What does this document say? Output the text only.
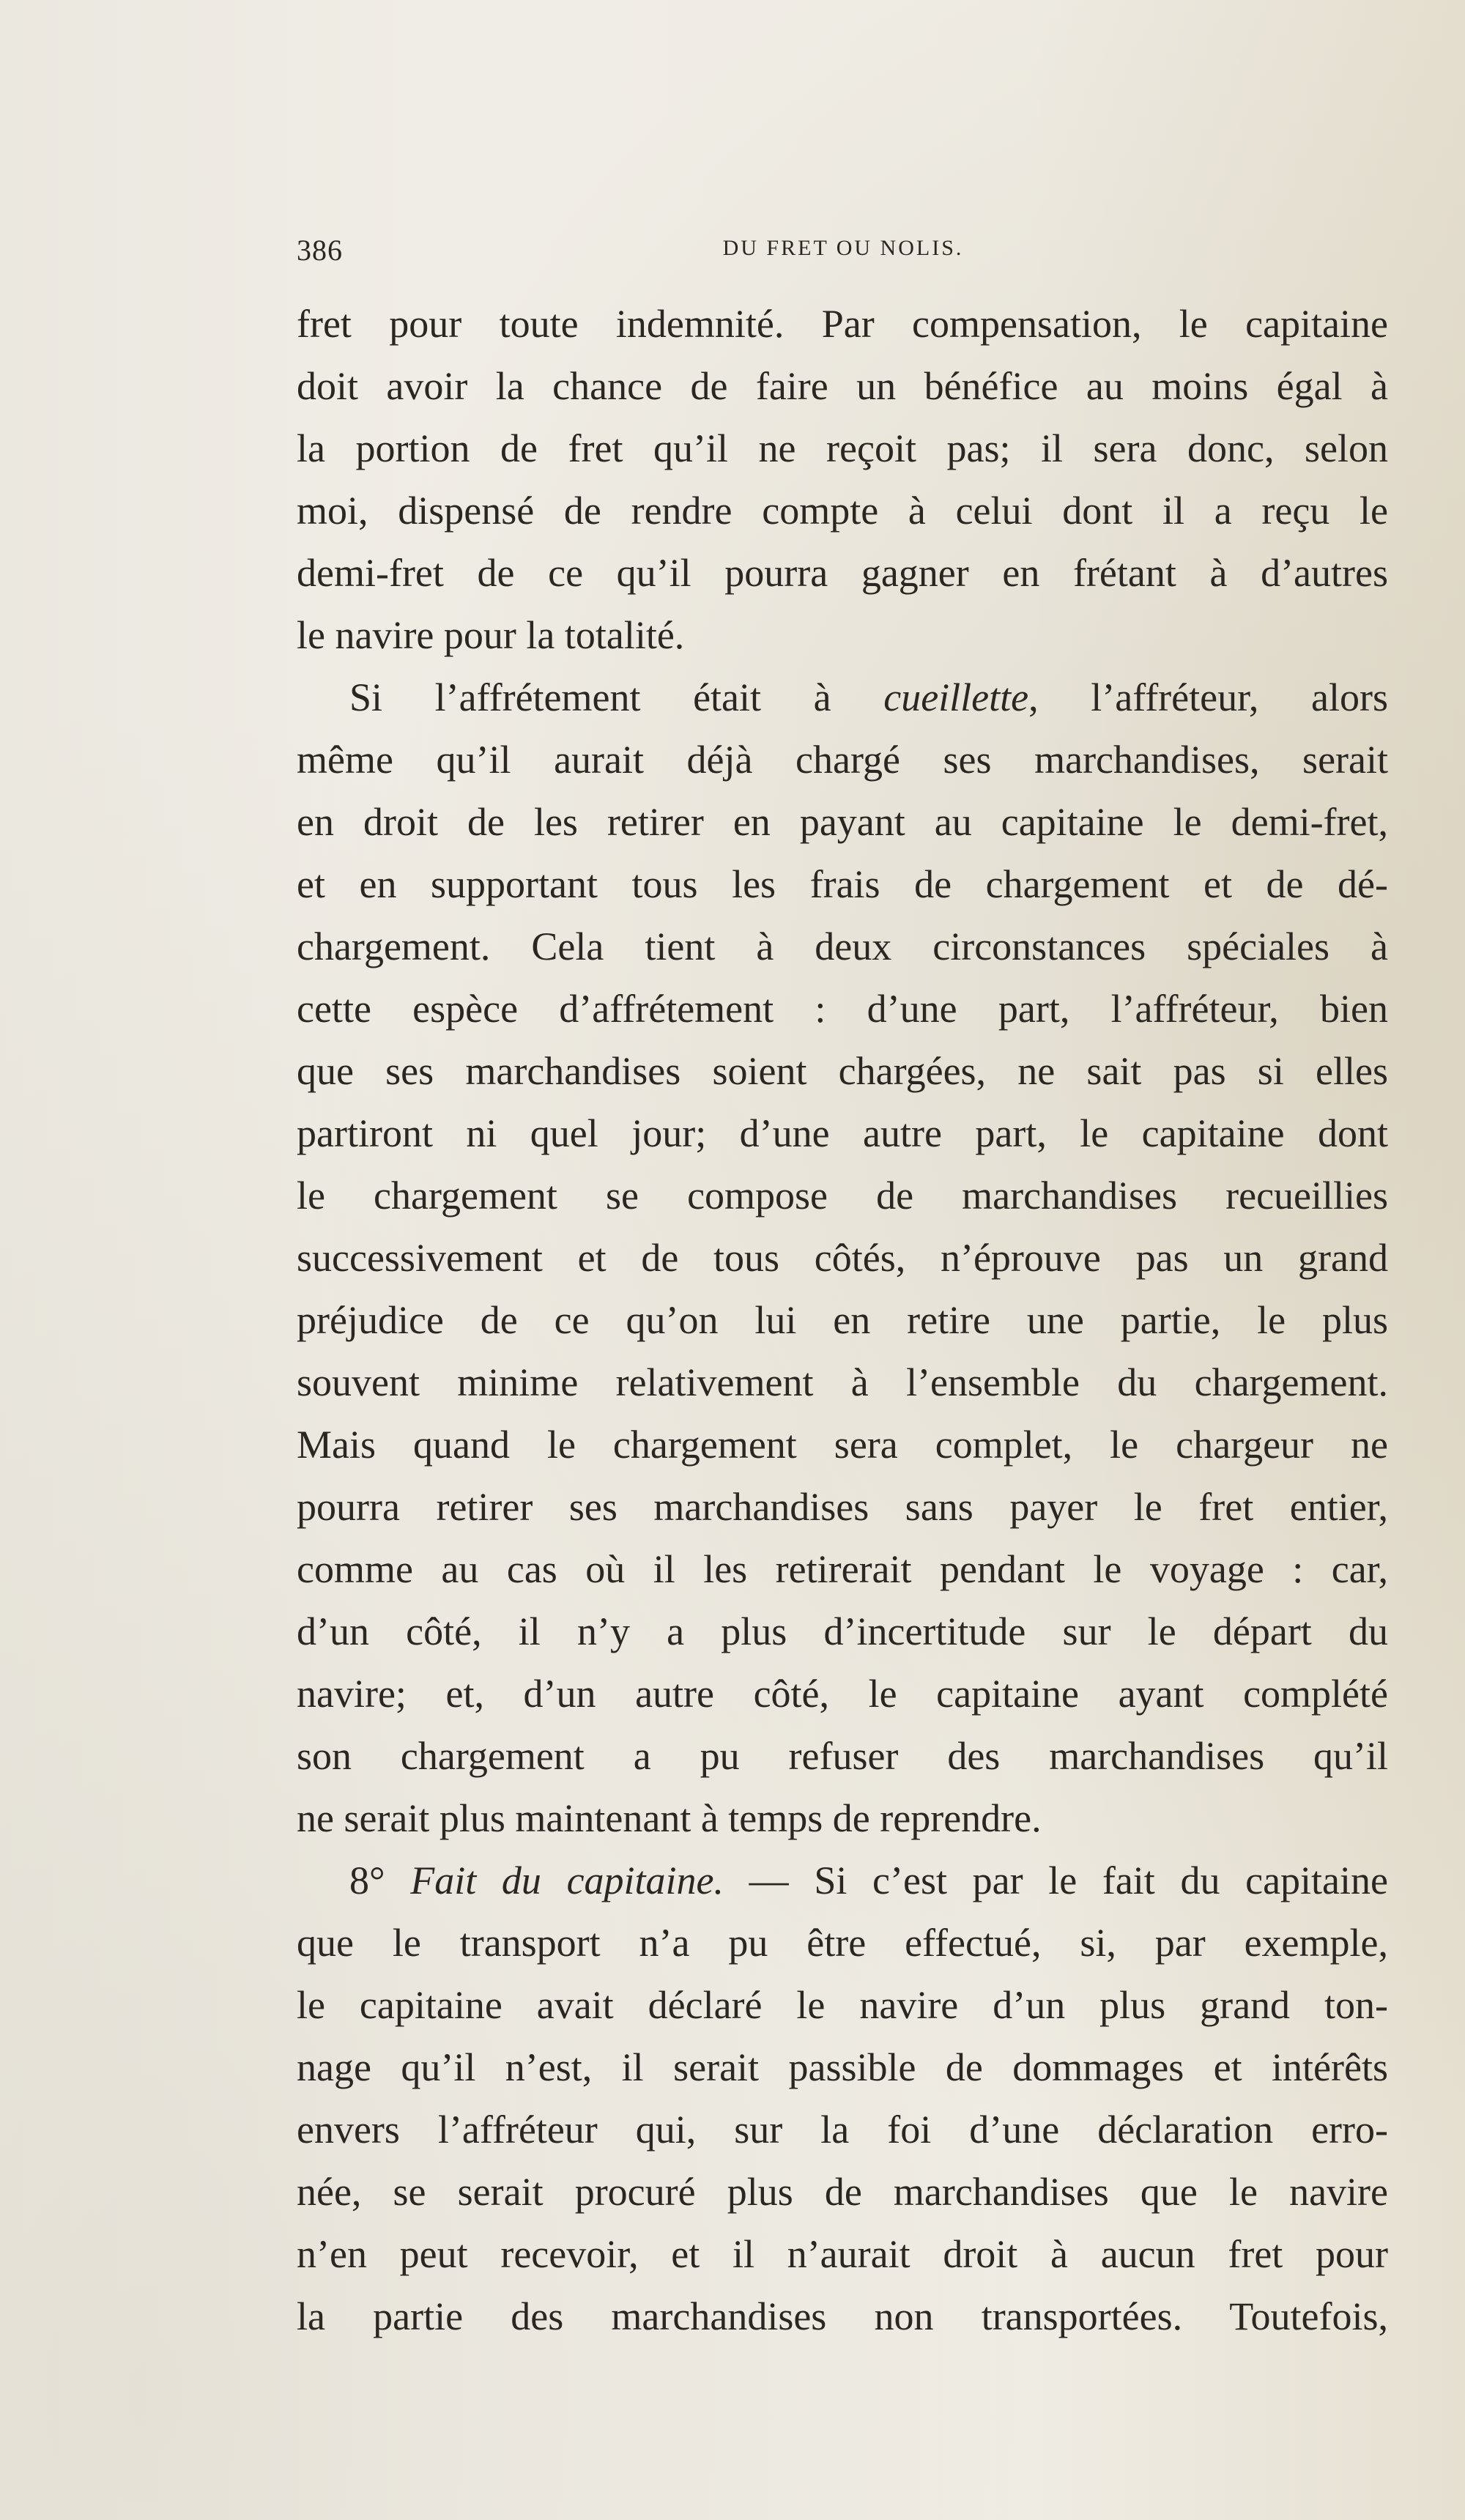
386	DU FRET OU NOLIS.
fret pour toute indemnité. Par compensation, le capitaine
doit avoir la chance de faire un bénéfice au moins égal à
la portion de fret qu’il ne reçoit pas; il sera donc, selon
moi, dispensé de rendre compte à celui dont il a reçu le
demi-fret de ce qu’il pourra gagner en frétant à d’autres
le navire pour la totalité.
Si l’affrétement était à cueillette, l’affréteur, alors
même qu’il aurait déjà chargé ses marchandises, serait
en droit de les retirer en payant au capitaine le demi-fret,
et en supportant tous les frais de chargement et de dé-
chargement. Cela tient à deux circonstances spéciales à
cette espèce d’affrétement : d’une part, l’affréteur, bien
que ses marchandises soient chargées, ne sait pas si elles
partiront ni quel jour; d’une autre part, le capitaine dont
le chargement se compose de marchandises recueillies
successivement et de tous côtés, n’éprouve pas un grand
préjudice de ce qu’on lui en retire une partie, le plus
souvent minime relativement à l’ensemble du chargement.
Mais quand le chargement sera complet, le chargeur ne
pourra retirer ses marchandises sans payer le fret entier,
comme au cas où il les retirerait pendant le voyage : car,
d’un côté, il n’y a plus d’incertitude sur le départ du
navire; et, d’un autre côté, le capitaine ayant complété
son chargement a pu refuser des marchandises qu’il
ne serait plus maintenant à temps de reprendre.
8° Fait du capitaine. — Si c’est par le fait du capitaine
que le transport n’a pu être effectué, si, par exemple,
le capitaine avait déclaré le navire d’un plus grand ton-
nage qu’il n’est, il serait passible de dommages et intérêts
envers l’affréteur qui, sur la foi d’une déclaration erro-
née, se serait procuré plus de marchandises que le navire
n’en peut recevoir, et il n’aurait droit à aucun fret pour
la partie des marchandises non transportées. Toutefois,
